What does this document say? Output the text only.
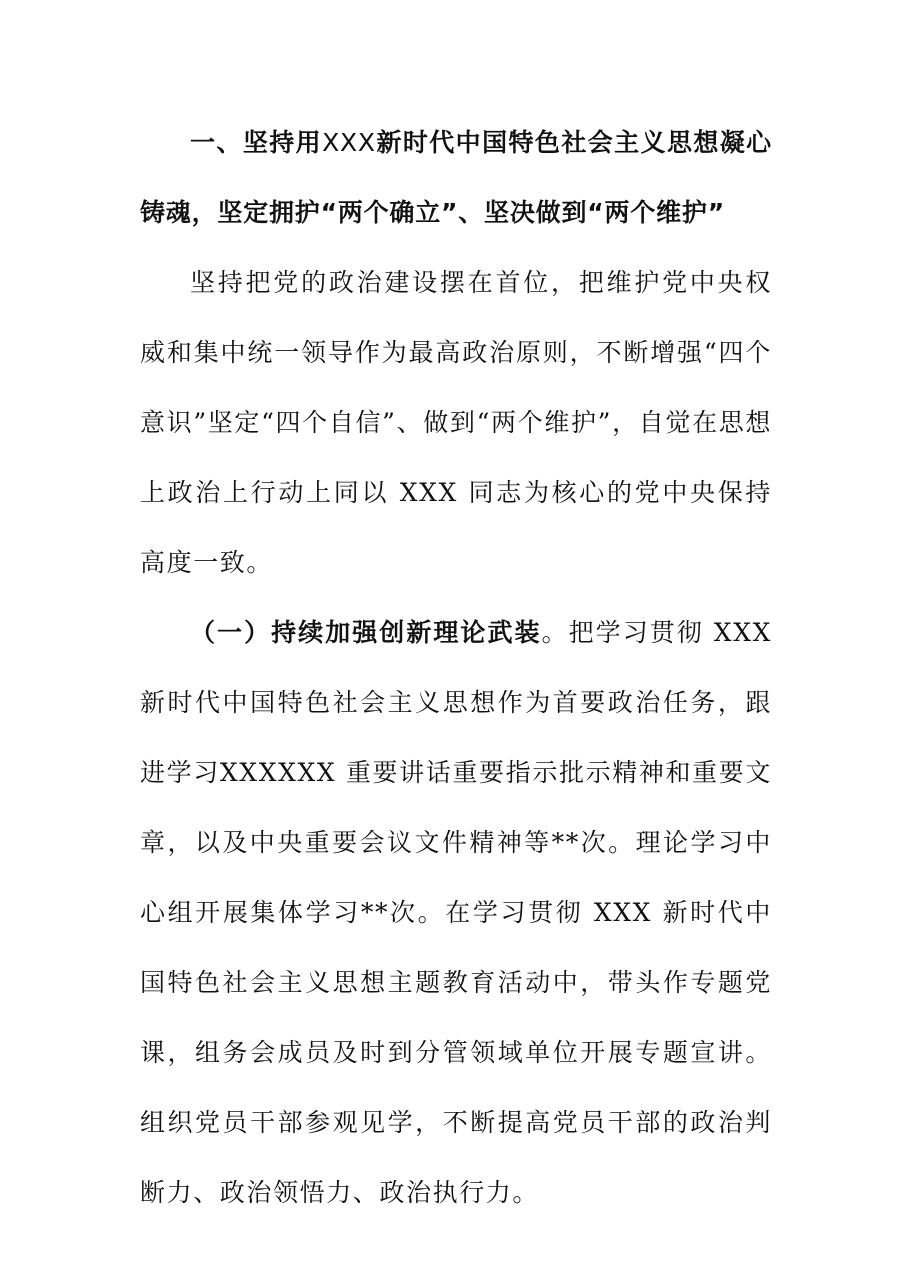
一、坚持用XXX新时代中国特色社会主义思想凝心铸魂，坚定拥护“两个确立”、坚决做到“两个维护”

坚持把党的政治建设摆在首位，把维护党中央权威和集中统一领导作为最高政治原则，不断增强“四个意识”坚定“四个自信”、做到“两个维护”，自觉在思想上政治上行动上同以 XXX 同志为核心的党中央保持高度一致。

（一）持续加强创新理论武装。把学习贯彻 XXX 新时代中国特色社会主义思想作为首要政治任务，跟进学习XXXXXX 重要讲话重要指示批示精神和重要文章，以及中央重要会议文件精神等**次。理论学习中心组开展集体学习**次。在学习贯彻 XXX 新时代中国特色社会主义思想主题教育活动中，带头作专题党课，组务会成员及时到分管领域单位开展专题宣讲。组织党员干部参观见学，不断提高党员干部的政治判断力、政治领悟力、政治执行力。
